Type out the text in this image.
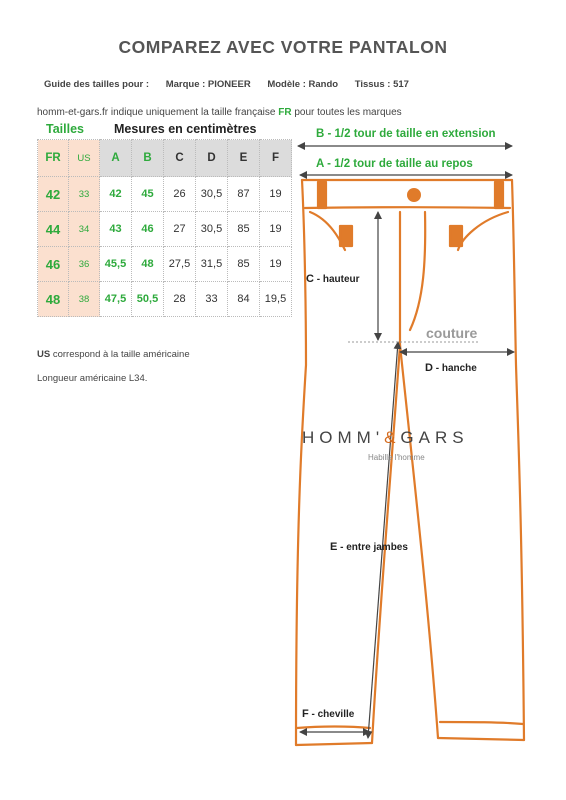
COMPAREZ AVEC VOTRE PANTALON
Guide des tailles pour : Marque : PIONEER Modèle : Rando Tissus : 517
homm-et-gars.fr indique uniquement la taille française FR pour toutes les marques
Tailles Mesures en centimètres
FR	US	A	B	C	D	E	F
42	33	42	45	26	30,5	87	19
44	34	43	46	27	30,5	85	19
46	36	45,5	48	27,5	31,5	85	19
48	38	47,5	50,5	28	33	84	19,5
US correspond à la taille américaine
Longueur américaine L34.
B - 1/2 tour de taille en extension
A - 1/2 tour de taille au repos
C - hauteur
D - hanche
E - entre jambes
F - cheville
couture
HOMM'&GARS
Habille l'homme
